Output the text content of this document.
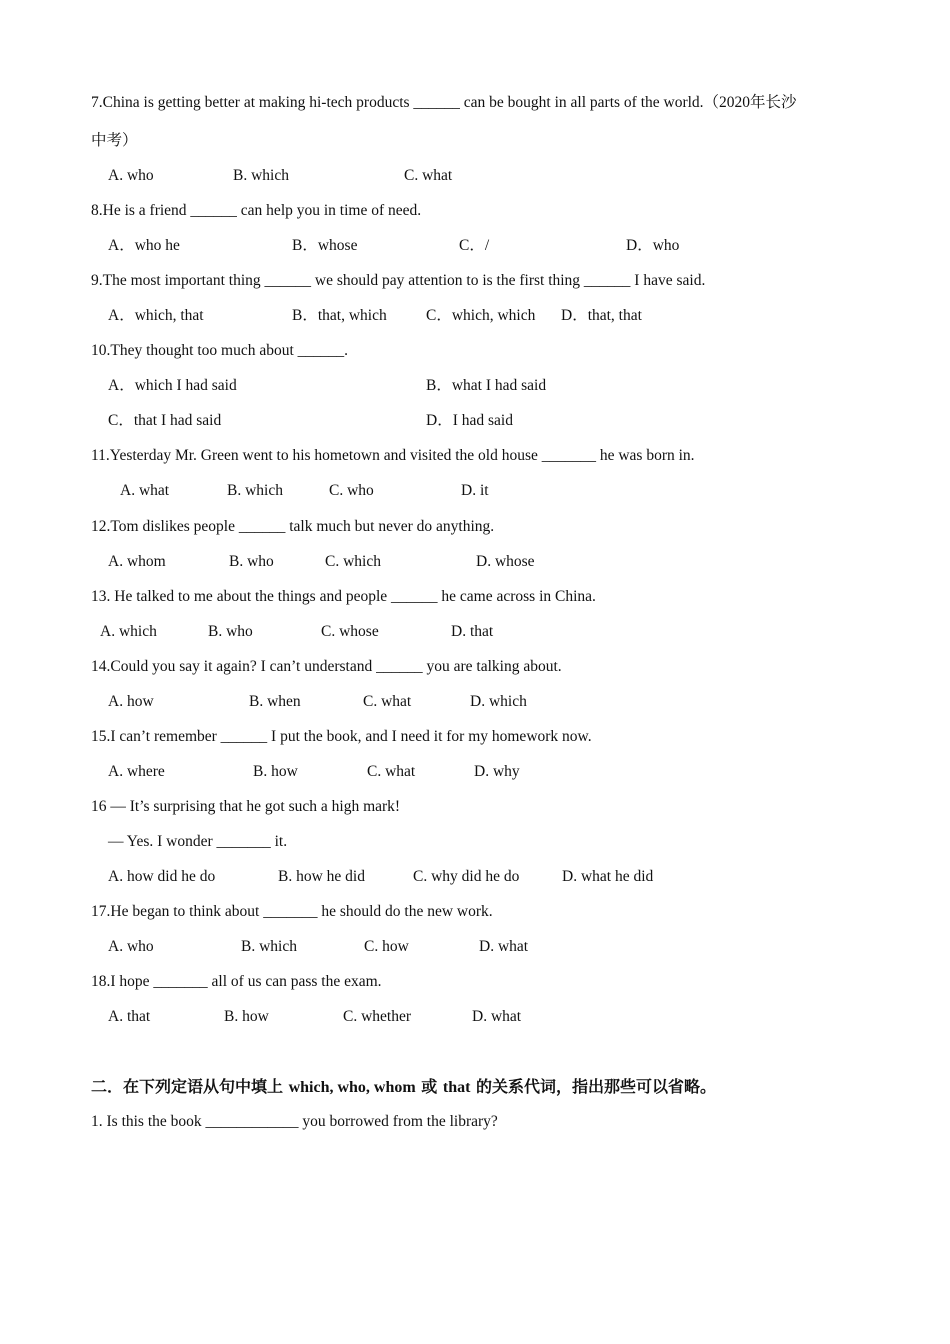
7.China is getting better at making hi-tech products ______ can be bought in all parts of the world.（2020年长沙
中考）
A. who	B. which	C. what
8.He is a friend ______ can help you in time of need.
A．who he	B．whose	C．/	D．who
9.The most important thing ______ we should pay attention to is the first thing ______ I have said.
A．which, that	B．that, which	C．which, which D．that, that
10.They thought too much about ______.
A．which I had said	B．what I had said
C．that I had said	D．I had said
11.Yesterday Mr. Green went to his hometown and visited the old house _______ he was born in.
A. what	B. which	C. who	D. it
12.Tom dislikes people ______ talk much but never do anything.
A. whom	B. who	C. which	D. whose
13. He talked to me about the things and people ______ he came across in China.
A. which	B. who	C. whose	D. that
14.Could you say it again? I can’t understand ______ you are talking about.
A. how	B. when	C. what	D. which
15.I can’t remember ______ I put the book, and I need it for my homework now.
A. where	B. how	C. what	D. why
16 — It’s surprising that he got such a high mark!
— Yes. I wonder _______ it.
A. how did he do	B. how he did	C. why did he do	D. what he did
17.He began to think about _______ he should do the new work.
A. who	B. which	C. how	D. what
18.I hope _______ all of us can pass the exam.
A. that	B. how	C. whether	D. what
二．在下列定语从句中填上 which, who, whom 或 that 的关系代词，指出那些可以省略。
1. Is this the book ____________ you borrowed from the library?
